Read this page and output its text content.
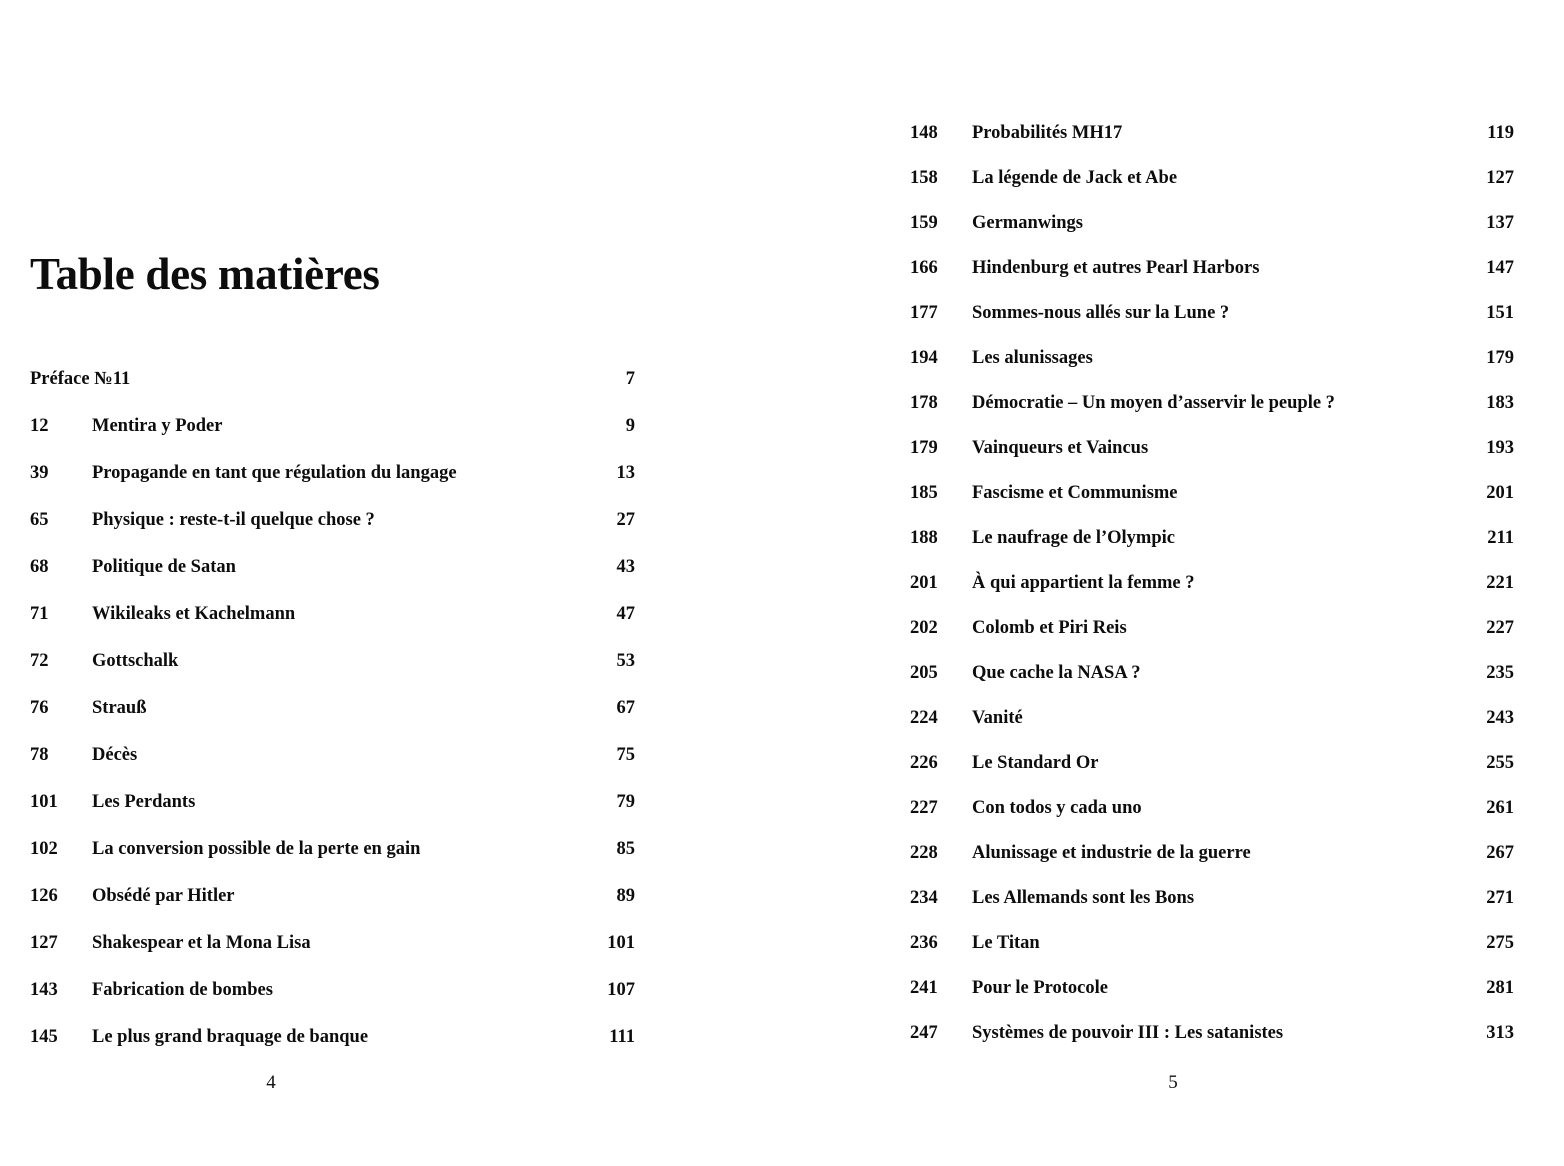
Table des matières
Préface №11	7
12	Mentira y Poder	9
39	Propagande en tant que régulation du langage	13
65	Physique : reste-t-il quelque chose ?	27
68	Politique de Satan	43
71	Wikileaks et Kachelmann	47
72	Gottschalk	53
76	Strauß	67
78	Décès	75
101	Les Perdants	79
102	La conversion possible de la perte en gain	85
126	Obsédé par Hitler	89
127	Shakespear et la Mona Lisa	101
143	Fabrication de bombes	107
145	Le plus grand braquage de banque	111
4
148	Probabilités MH17	119
158	La légende de Jack et Abe	127
159	Germanwings	137
166	Hindenburg et autres Pearl Harbors	147
177	Sommes-nous allés sur la Lune ?	151
194	Les alunissages	179
178	Démocratie – Un moyen d’asservir le peuple ?	183
179	Vainqueurs et Vaincus	193
185	Fascisme et Communisme	201
188	Le naufrage de l’Olympic	211
201	À qui appartient la femme ?	221
202	Colomb et Piri Reis	227
205	Que cache la NASA ?	235
224	Vanité	243
226	Le Standard Or	255
227	Con todos y cada uno	261
228	Alunissage et industrie de la guerre	267
234	Les Allemands sont les Bons	271
236	Le Titan	275
241	Pour le Protocole	281
247	Systèmes de pouvoir III : Les satanistes	313
5
